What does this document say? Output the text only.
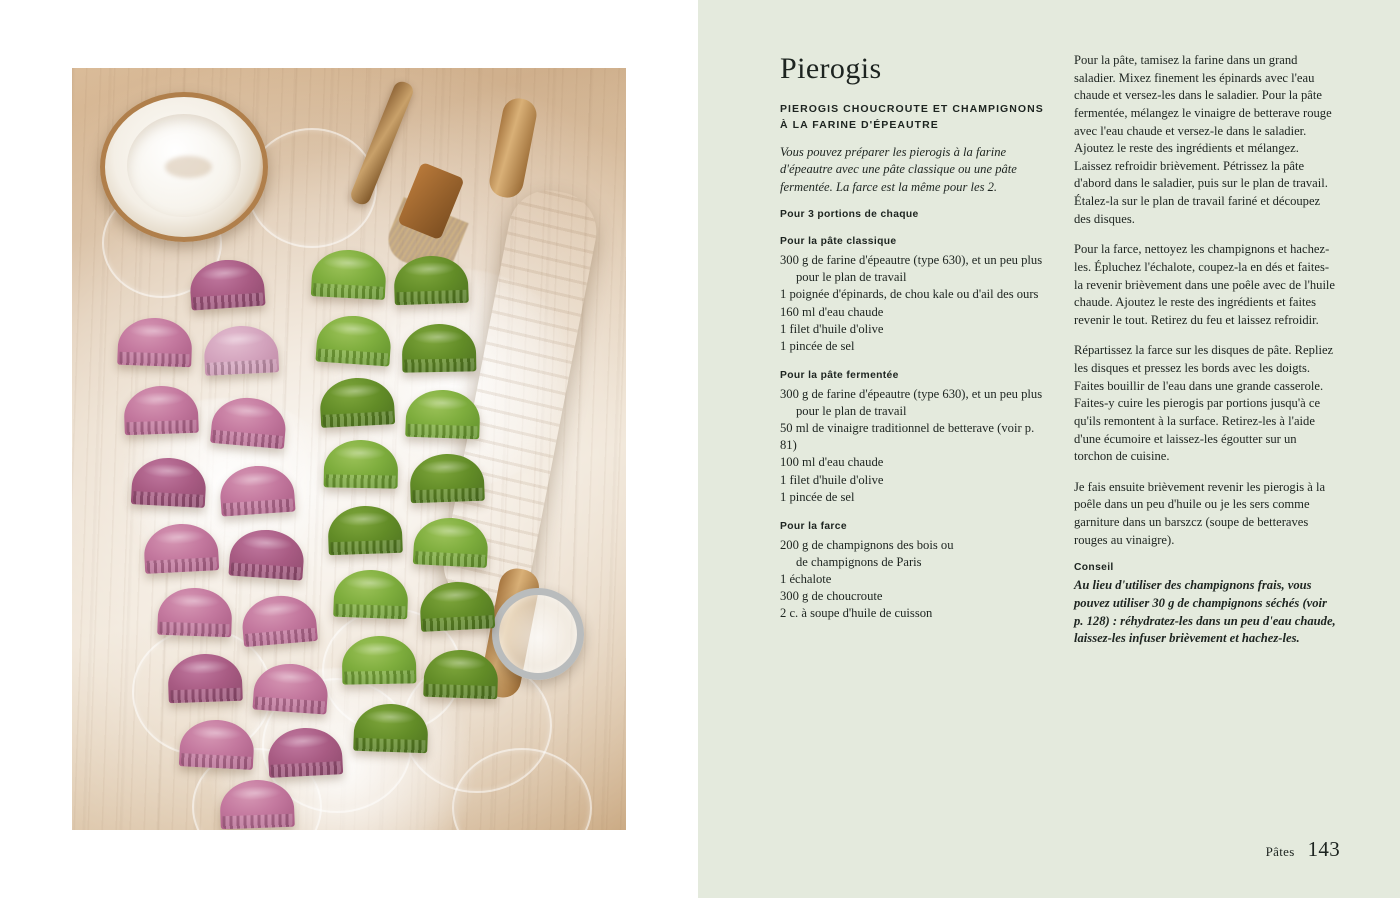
Pierogis
PIEROGIS CHOUCROUTE ET CHAMPIGNONS À LA FARINE D'ÉPEAUTRE

Vous pouvez préparer les pierogis à la farine d'épeautre avec une pâte classique ou une pâte fermentée. La farce est la même pour les 2.

Pour 3 portions de chaque

Pour la pâte classique

300 g de farine d'épeautre (type 630), et un peu plus

pour le plan de travail

1 poignée d'épinards, de chou kale ou d'ail des ours

160 ml d'eau chaude

1 filet d'huile d'olive

1 pincée de sel

Pour la pâte fermentée

300 g de farine d'épeautre (type 630), et un peu plus

pour le plan de travail

50 ml de vinaigre traditionnel de betterave (voir p. 81)

100 ml d'eau chaude

1 filet d'huile d'olive

1 pincée de sel

Pour la farce

200 g de champignons des bois ou

de champignons de Paris

1 échalote

300 g de choucroute

2 c. à soupe d'huile de cuisson

Pour la pâte, tamisez la farine dans un grand saladier. Mixez finement les épinards avec l'eau chaude et versez-les dans le saladier. Pour la pâte fermentée, mélangez le vinaigre de betterave rouge avec l'eau chaude et versez-le dans le saladier. Ajoutez le reste des ingrédients et mélangez. Laissez refroidir brièvement. Pétrissez la pâte d'abord dans le saladier, puis sur le plan de travail. Étalez-la sur le plan de travail fariné et découpez des disques.

Pour la farce, nettoyez les champignons et hachez-les. Épluchez l'échalote, coupez-la en dés et faites-la revenir brièvement dans une poêle avec de l'huile chaude. Ajoutez le reste des ingrédients et faites revenir le tout. Retirez du feu et laissez refroidir.

Répartissez la farce sur les disques de pâte. Repliez les disques et pressez les bords avec les doigts. Faites bouillir de l'eau dans une grande casserole. Faites-y cuire les pierogis par portions jusqu'à ce qu'ils remontent à la surface. Retirez-les à l'aide d'une écumoire et laissez-les égoutter sur un torchon de cuisine.

Je fais ensuite brièvement revenir les pierogis à la poêle dans un peu d'huile ou je les sers comme garniture dans un barszcz (soupe de betteraves rouges au vinaigre).

Conseil

Au lieu d'utiliser des champignons frais, vous pouvez utiliser 30 g de champignons séchés (voir p. 128) : réhydratez-les dans un peu d'eau chaude, laissez-les infuser brièvement et hachez-les.

Pâtes 143
